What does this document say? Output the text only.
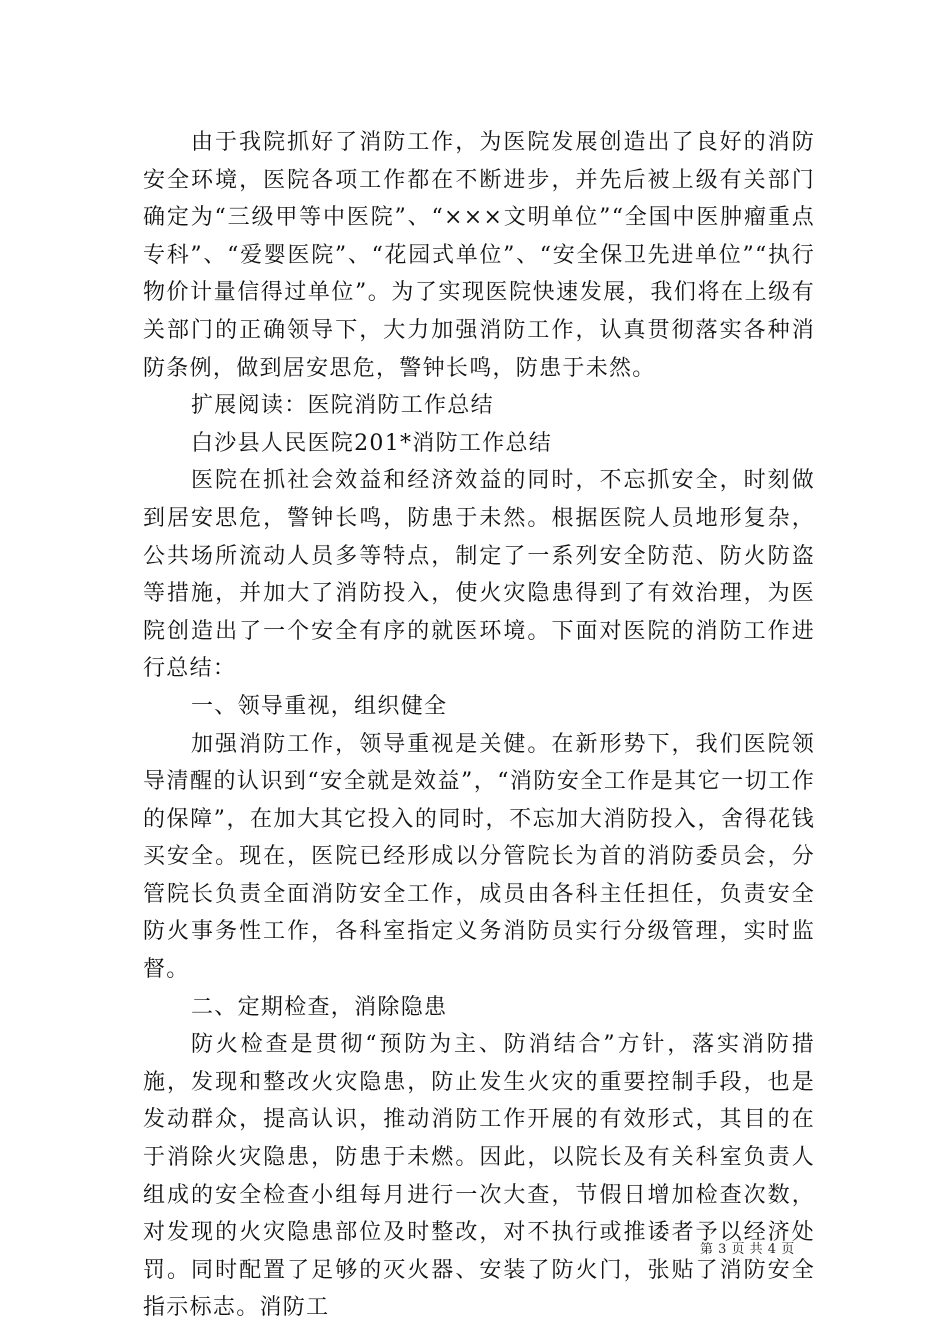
由于我院抓好了消防工作，为医院发展创造出了良好的消防安全环境，医院各项工作都在不断进步，并先后被上级有关部门确定为“三级甲等中医院”、“×××文明单位”“全国中医肿瘤重点专科”、“爱婴医院”、“花园式单位”、“安全保卫先进单位”“执行物价计量信得过单位”。为了实现医院快速发展，我们将在上级有关部门的正确领导下，大力加强消防工作，认真贯彻落实各种消防条例，做到居安思危，警钟长鸣，防患于未然。

扩展阅读：医院消防工作总结

白沙县人民医院201*消防工作总结

医院在抓社会效益和经济效益的同时，不忘抓安全，时刻做到居安思危，警钟长鸣，防患于未然。根据医院人员地形复杂，公共场所流动人员多等特点，制定了一系列安全防范、防火防盗等措施，并加大了消防投入，使火灾隐患得到了有效治理，为医院创造出了一个安全有序的就医环境。下面对医院的消防工作进行总结：

一、领导重视，组织健全

加强消防工作，领导重视是关健。在新形势下，我们医院领导清醒的认识到“安全就是效益”，“消防安全工作是其它一切工作的保障”，在加大其它投入的同时，不忘加大消防投入，舍得花钱买安全。现在，医院已经形成以分管院长为首的消防委员会，分管院长负责全面消防安全工作，成员由各科主任担任，负责安全防火事务性工作，各科室指定义务消防员实行分级管理，实时监督。

二、定期检查，消除隐患

防火检查是贯彻“预防为主、防消结合”方针，落实消防措施，发现和整改火灾隐患，防止发生火灾的重要控制手段，也是发动群众，提高认识，推动消防工作开展的有效形式，其目的在于消除火灾隐患，防患于未燃。因此，以院长及有关科室负责人组成的安全检查小组每月进行一次大查，节假日增加检查次数，对发现的火灾隐患部位及时整改，对不执行或推诿者予以经济处罚。同时配置了足够的灭火器、安装了防火门，张贴了消防安全指示标志。消防工

第 3 页 共 4 页
